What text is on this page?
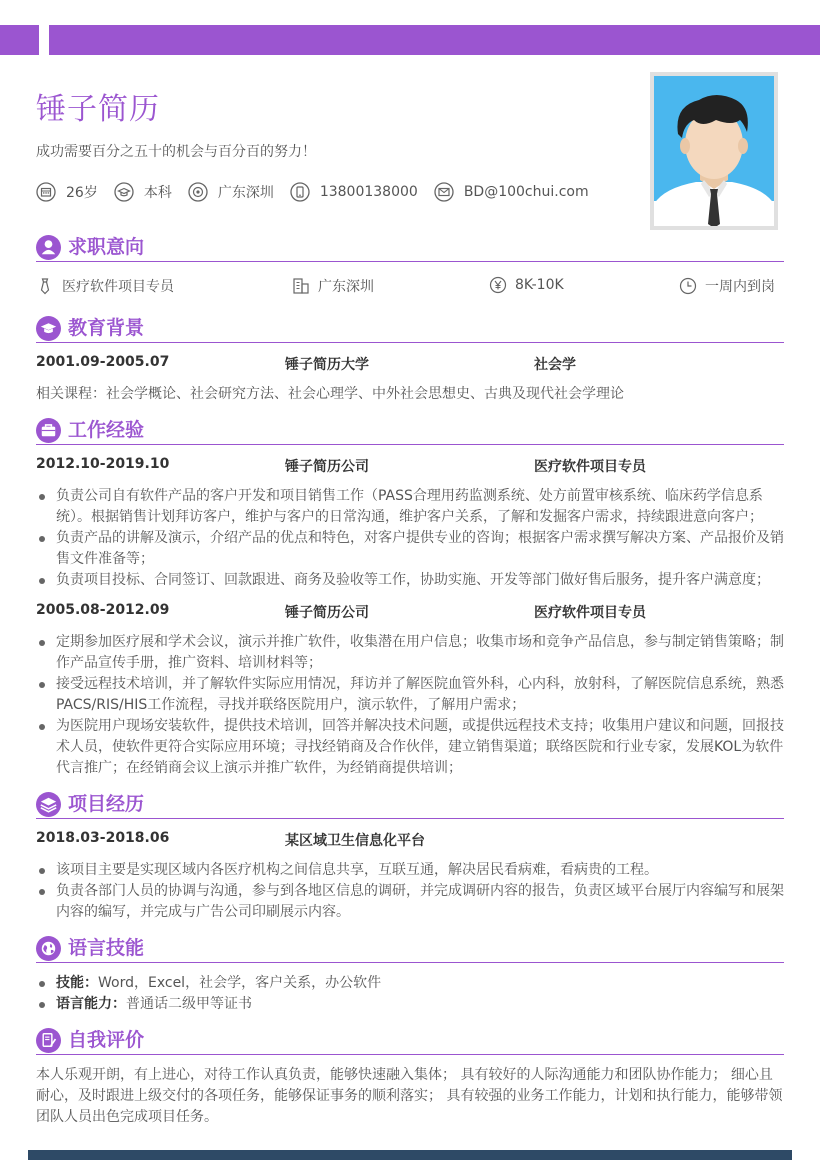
锤子简历
成功需要百分之五十的机会与百分百的努力！
26岁	本科	广东深圳	13800138000	BD@100chui.com
求职意向
医疗软件项目专员	广东深圳	8K-10K	一周内到岗
教育背景
2001.09-2005.07	锤子简历大学	社会学
相关课程：社会学概论、社会研究方法、社会心理学、中外社会思想史、古典及现代社会学理论
工作经验
2012.10-2019.10	锤子简历公司	医疗软件项目专员
负责公司自有软件产品的客户开发和项目销售工作（PASS合理用药监测系统、处方前置审核系统、临床药学信息系统）。根据销售计划拜访客户，维护与客户的日常沟通，维护客户关系，了解和发掘客户需求，持续跟进意向客户；
负责产品的讲解及演示，介绍产品的优点和特色，对客户提供专业的咨询；根据客户需求撰写解决方案、产品报价及销售文件准备等；
负责项目投标、合同签订、回款跟进、商务及验收等工作，协助实施、开发等部门做好售后服务，提升客户满意度；
2005.08-2012.09	锤子简历公司	医疗软件项目专员
定期参加医疗展和学术会议，演示并推广软件，收集潜在用户信息；收集市场和竞争产品信息，参与制定销售策略；制作产品宣传手册，推广资料、培训材料等；
接受远程技术培训，并了解软件实际应用情况，拜访并了解医院血管外科，心内科，放射科，了解医院信息系统，熟悉PACS/RIS/HIS工作流程，寻找并联络医院用户，演示软件，了解用户需求；
为医院用户现场安装软件，提供技术培训，回答并解决技术问题，或提供远程技术支持；收集用户建议和问题，回报技术人员，使软件更符合实际应用环境；寻找经销商及合作伙伴，建立销售渠道；联络医院和行业专家，发展KOL为软件代言推广；在经销商会议上演示并推广软件，为经销商提供培训；
项目经历
2018.03-2018.06	某区域卫生信息化平台
该项目主要是实现区域内各医疗机构之间信息共享，互联互通，解决居民看病难，看病贵的工程。
负责各部门人员的协调与沟通，参与到各地区信息的调研，并完成调研内容的报告，负责区域平台展厅内容编写和展架内容的编写，并完成与广告公司印刷展示内容。
语言技能
技能：Word，Excel，社会学，客户关系，办公软件
语言能力：普通话二级甲等证书
自我评价
本人乐观开朗，有上进心，对待工作认真负责，能够快速融入集体； 具有较好的人际沟通能力和团队协作能力； 细心且耐心，及时跟进上级交付的各项任务，能够保证事务的顺利落实； 具有较强的业务工作能力，计划和执行能力，能够带领团队人员出色完成项目任务。
